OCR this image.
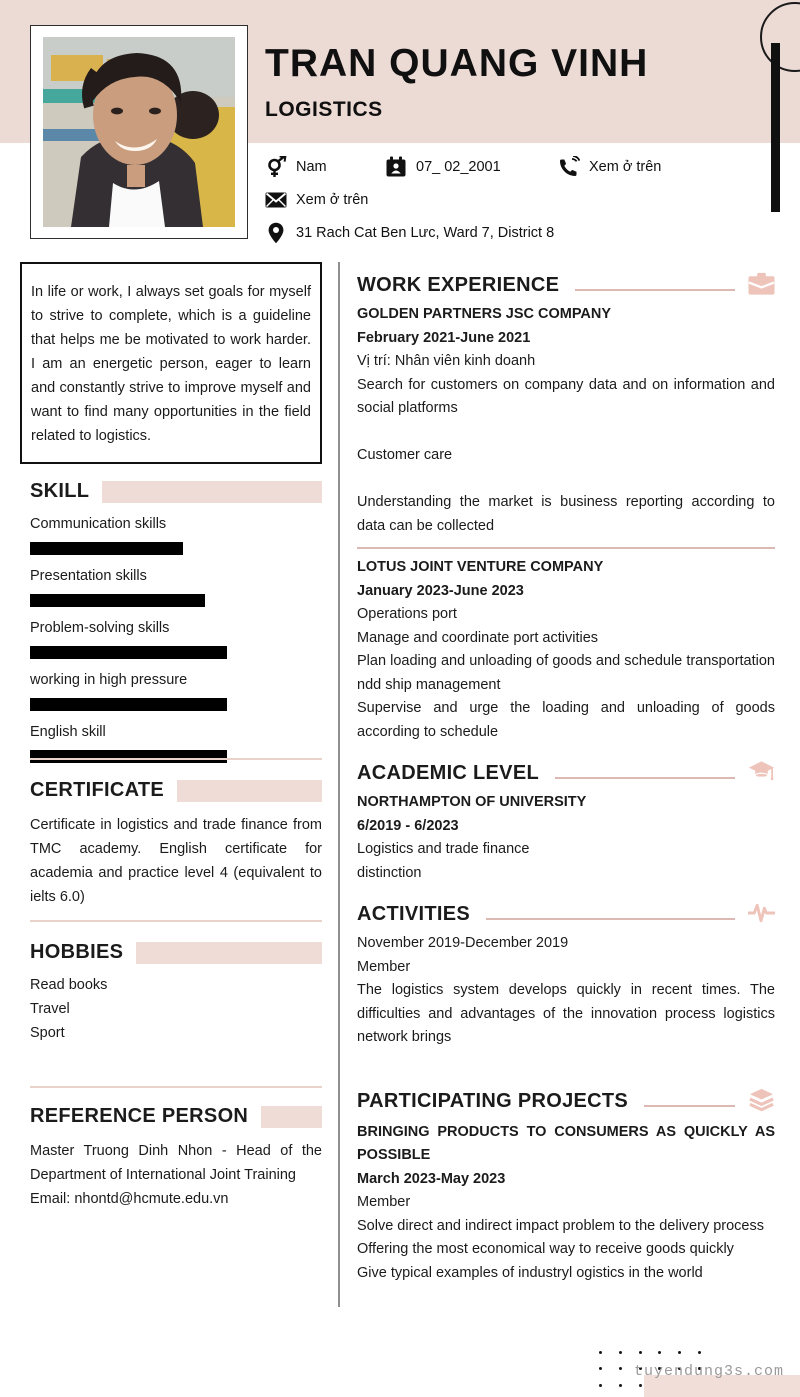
TRAN QUANG VINH
LOGISTICS
Nam	07_ 02_2001	Xem ở trên
Xem ở trên
31 Rach Cat Ben Lưc, Ward 7, District 8
In life or work, I always set goals for myself to strive to complete, which is a guideline that helps me be motivated to work harder. I am an energetic person, eager to learn and constantly strive to improve myself and want to find many opportunities in the field related to logistics.
SKILL
Communication skills
Presentation skills
Problem-solving skills
working in high pressure
English skill
CERTIFICATE
Certificate in logistics and trade finance from TMC academy. English certificate for academia and practice level 4 (equivalent to ielts 6.0)
HOBBIES
Read books
Travel
Sport
REFERENCE PERSON
Master Truong Dinh Nhon - Head of the Department of International Joint Training
Email: nhontd@hcmute.edu.vn
WORK EXPERIENCE
GOLDEN PARTNERS JSC COMPANY
February 2021-June 2021
Vị trí: Nhân viên kinh doanh
Search for customers on company data and on information and social platforms
Customer care
Understanding the market is business reporting according to data can be collected
LOTUS JOINT VENTURE COMPANY
January 2023-June 2023
Operations port
Manage and coordinate port activities
Plan loading and unloading of goods and schedule transportation ndd ship management
Supervise and urge the loading and unloading of goods according to schedule
ACADEMIC LEVEL
NORTHAMPTON OF UNIVERSITY
6/2019 - 6/2023
Logistics and trade finance
distinction
ACTIVITIES
November 2019-December 2019
Member
The logistics system develops quickly in recent times. The difficulties and advantages of the innovation process logistics network brings
PARTICIPATING PROJECTS
BRINGING PRODUCTS TO CONSUMERS AS QUICKLY AS POSSIBLE
March 2023-May 2023
Member
Solve direct and indirect impact problem to the delivery process
Offering the most economical way to receive goods quickly
Give typical examples of industryl ogistics in the world
tuyendung3s.com
